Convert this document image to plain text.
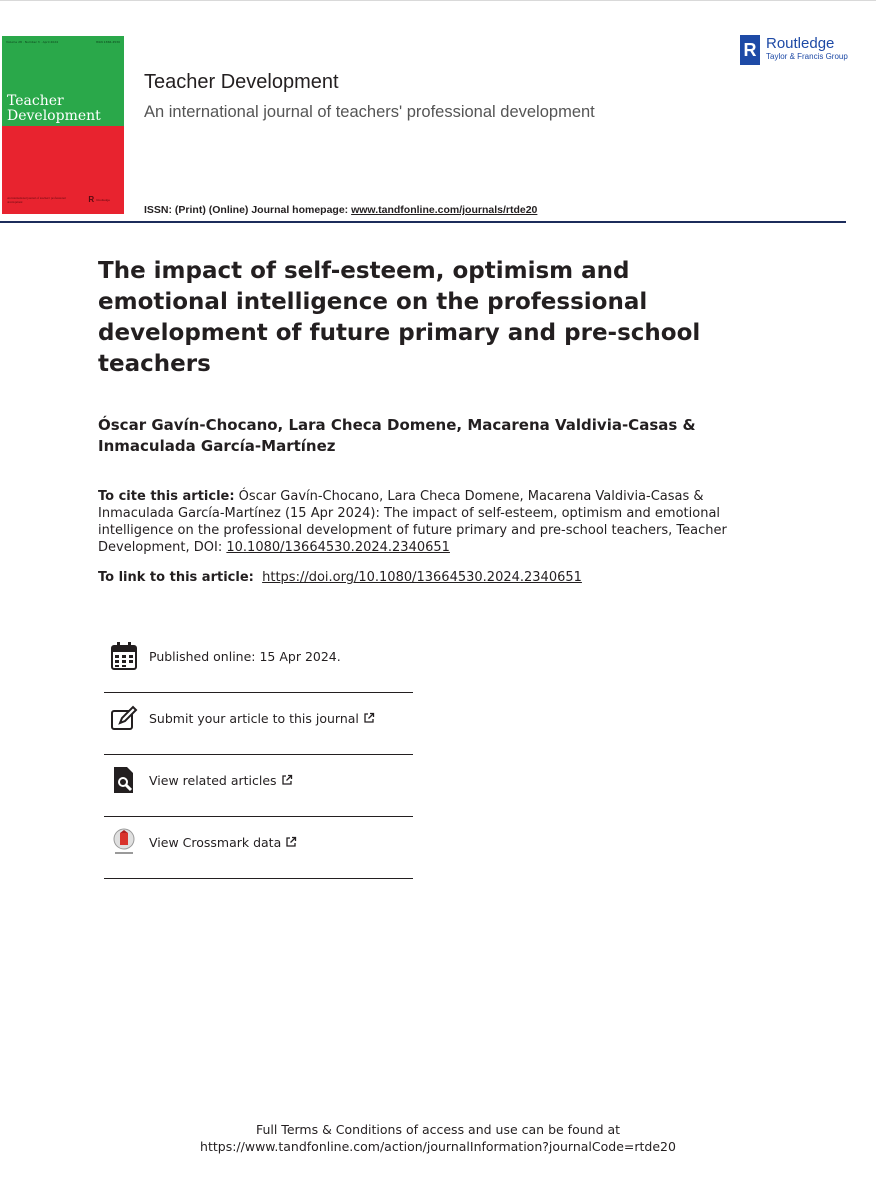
Volume 28 · Number 3 · April 2024	ISSN 1366-4530
Teacher
Development
An international journal of teachers' professional development	R Routledge
Teacher Development
An international journal of teachers' professional development
R Routledge
Taylor & Francis Group
ISSN: (Print) (Online) Journal homepage: www.tandfonline.com/journals/rtde20
The impact of self-esteem, optimism and emotional intelligence on the professional development of future primary and pre-school teachers
Óscar Gavín-Chocano, Lara Checa Domene, Macarena Valdivia-Casas & Inmaculada García-Martínez
To cite this article: Óscar Gavín-Chocano, Lara Checa Domene, Macarena Valdivia-Casas & Inmaculada García-Martínez (15 Apr 2024): The impact of self-esteem, optimism and emotional intelligence on the professional development of future primary and pre-school teachers, Teacher Development, DOI: 10.1080/13664530.2024.2340651
To link to this article: https://doi.org/10.1080/13664530.2024.2340651
Published online: 15 Apr 2024.
Submit your article to this journal
View related articles
View Crossmark data
Full Terms & Conditions of access and use can be found at
https://www.tandfonline.com/action/journalInformation?journalCode=rtde20
